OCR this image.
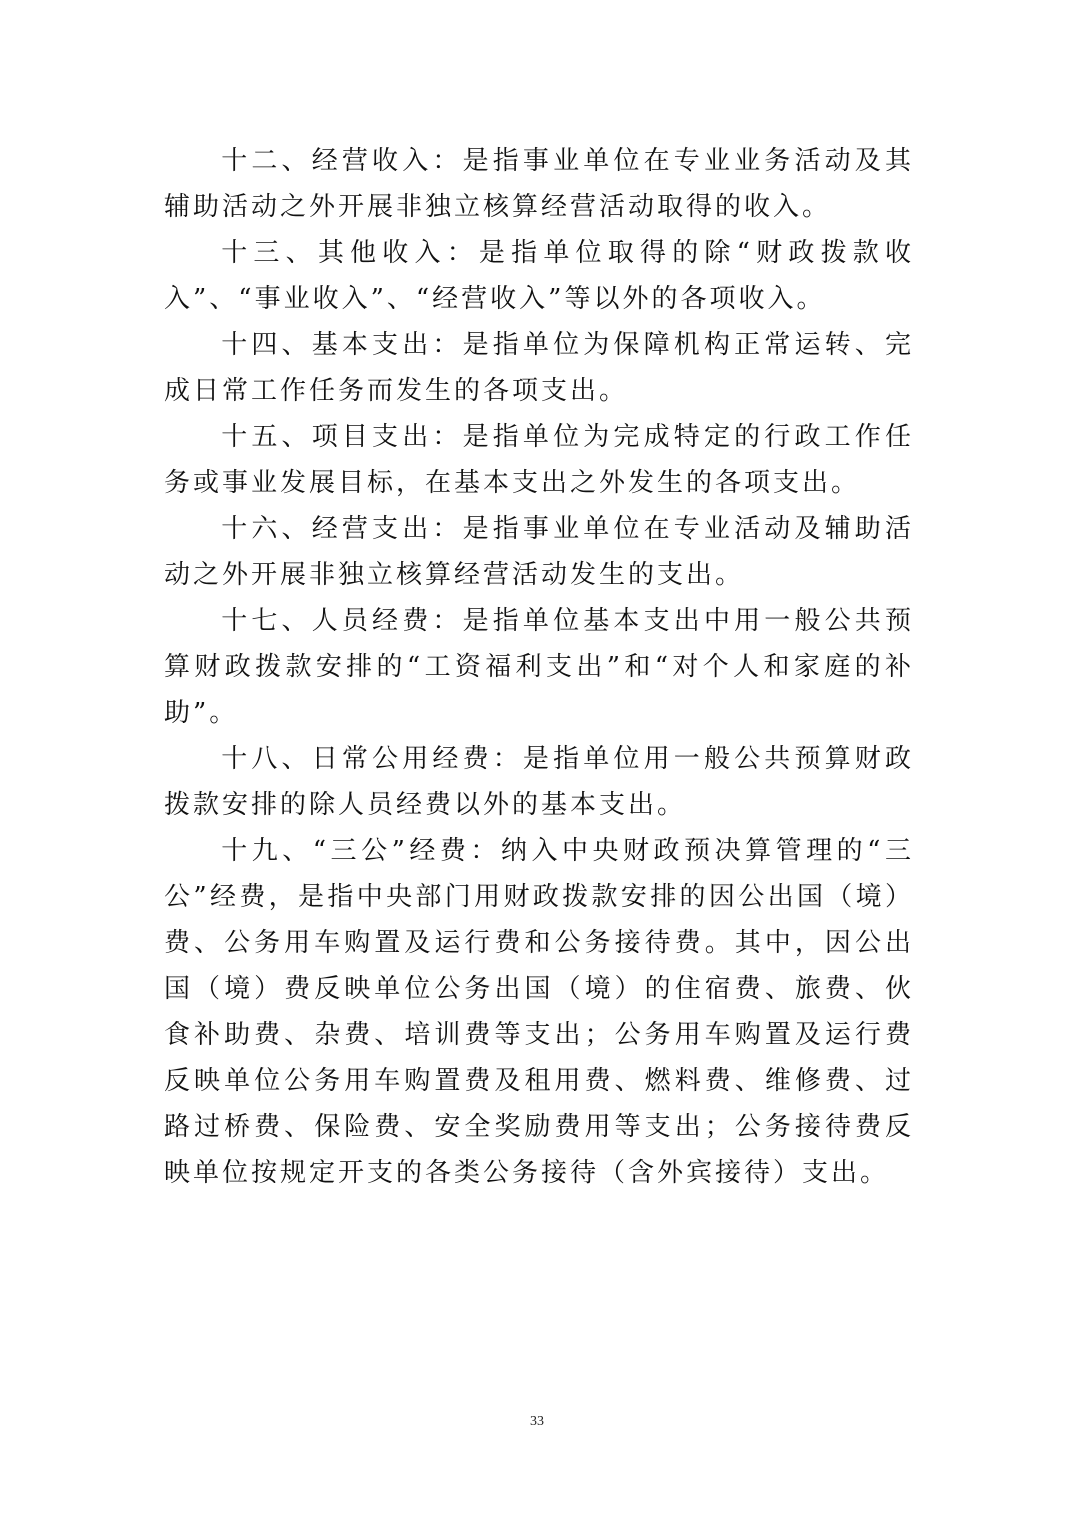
十二、经营收入：是指事业单位在专业业务活动及其辅助活动之外开展非独立核算经营活动取得的收入。

十三、其他收入：是指单位取得的除“财政拨款收入”、“事业收入”、“经营收入”等以外的各项收入。

十四、基本支出：是指单位为保障机构正常运转、完成日常工作任务而发生的各项支出。

十五、项目支出：是指单位为完成特定的行政工作任务或事业发展目标，在基本支出之外发生的各项支出。

十六、经营支出：是指事业单位在专业活动及辅助活动之外开展非独立核算经营活动发生的支出。

十七、人员经费：是指单位基本支出中用一般公共预算财政拨款安排的“工资福利支出”和“对个人和家庭的补助”。

十八、日常公用经费：是指单位用一般公共预算财政拨款安排的除人员经费以外的基本支出。

十九、“三公”经费：纳入中央财政预决算管理的“三公”经费，是指中央部门用财政拨款安排的因公出国（境）费、公务用车购置及运行费和公务接待费。其中，因公出国（境）费反映单位公务出国（境）的住宿费、旅费、伙食补助费、杂费、培训费等支出；公务用车购置及运行费反映单位公务用车购置费及租用费、燃料费、维修费、过路过桥费、保险费、安全奖励费用等支出；公务接待费反映单位按规定开支的各类公务接待（含外宾接待）支出。

33
